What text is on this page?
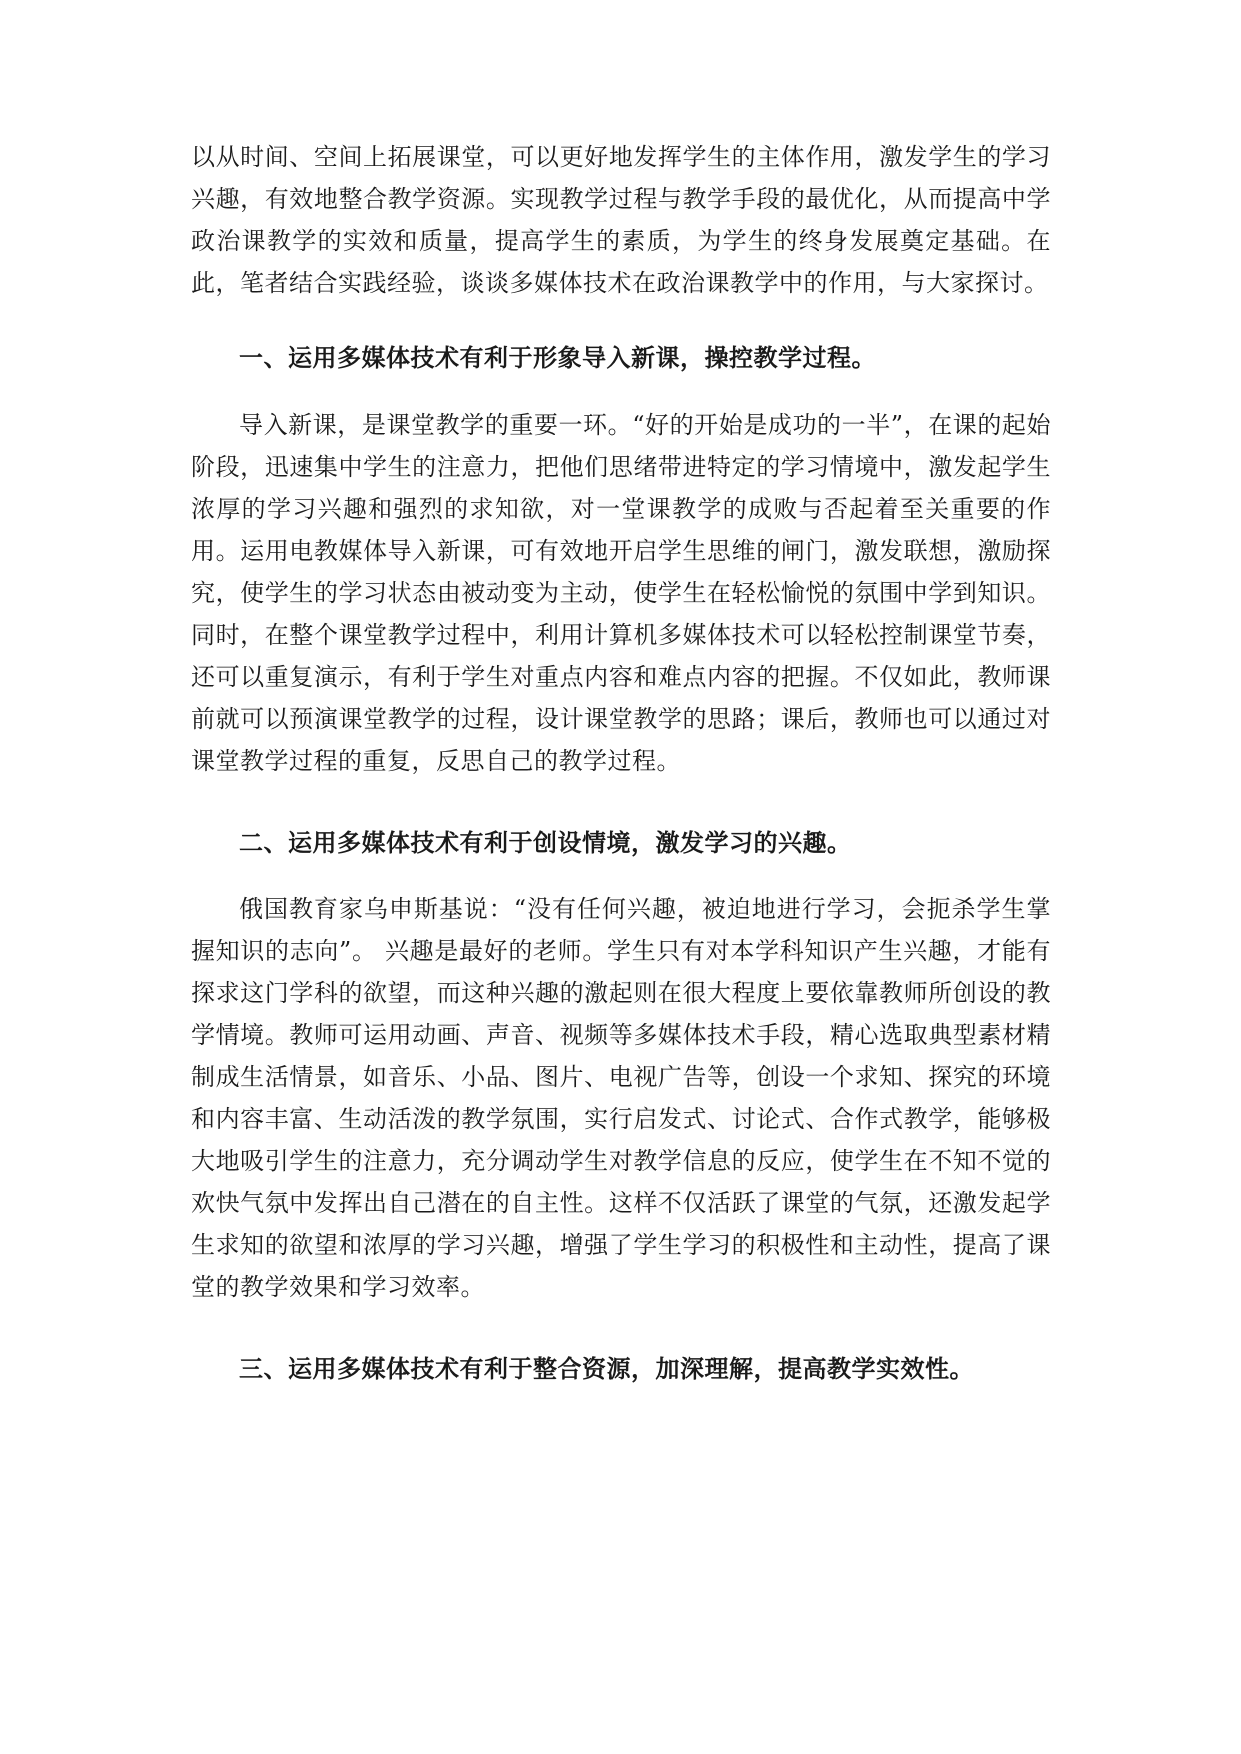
以从时间、空间上拓展课堂，可以更好地发挥学生的主体作用，激发学生的学习兴趣，有效地整合教学资源。实现教学过程与教学手段的最优化，从而提高中学政治课教学的实效和质量，提高学生的素质，为学生的终身发展奠定基础。在此，笔者结合实践经验，谈谈多媒体技术在政治课教学中的作用，与大家探讨。

一、运用多媒体技术有利于形象导入新课，操控教学过程。

导入新课，是课堂教学的重要一环。“好的开始是成功的一半”，在课的起始阶段，迅速集中学生的注意力，把他们思绪带进特定的学习情境中，激发起学生浓厚的学习兴趣和强烈的求知欲，对一堂课教学的成败与否起着至关重要的作用。运用电教媒体导入新课，可有效地开启学生思维的闸门，激发联想，激励探究，使学生的学习状态由被动变为主动，使学生在轻松愉悦的氛围中学到知识。同时，在整个课堂教学过程中，利用计算机多媒体技术可以轻松控制课堂节奏，还可以重复演示，有利于学生对重点内容和难点内容的把握。不仅如此，教师课前就可以预演课堂教学的过程，设计课堂教学的思路；课后，教师也可以通过对课堂教学过程的重复，反思自己的教学过程。

二、运用多媒体技术有利于创设情境，激发学习的兴趣。

俄国教育家乌申斯基说：“没有任何兴趣，被迫地进行学习，会扼杀学生掌握知识的志向”。 兴趣是最好的老师。学生只有对本学科知识产生兴趣，才能有探求这门学科的欲望，而这种兴趣的激起则在很大程度上要依靠教师所创设的教学情境。教师可运用动画、声音、视频等多媒体技术手段，精心选取典型素材精制成生活情景，如音乐、小品、图片、电视广告等，创设一个求知、探究的环境和内容丰富、生动活泼的教学氛围，实行启发式、讨论式、合作式教学，能够极大地吸引学生的注意力，充分调动学生对教学信息的反应，使学生在不知不觉的欢快气氛中发挥出自己潜在的自主性。这样不仅活跃了课堂的气氛，还激发起学生求知的欲望和浓厚的学习兴趣，增强了学生学习的积极性和主动性，提高了课堂的教学效果和学习效率。

三、运用多媒体技术有利于整合资源，加深理解，提高教学实效性。
